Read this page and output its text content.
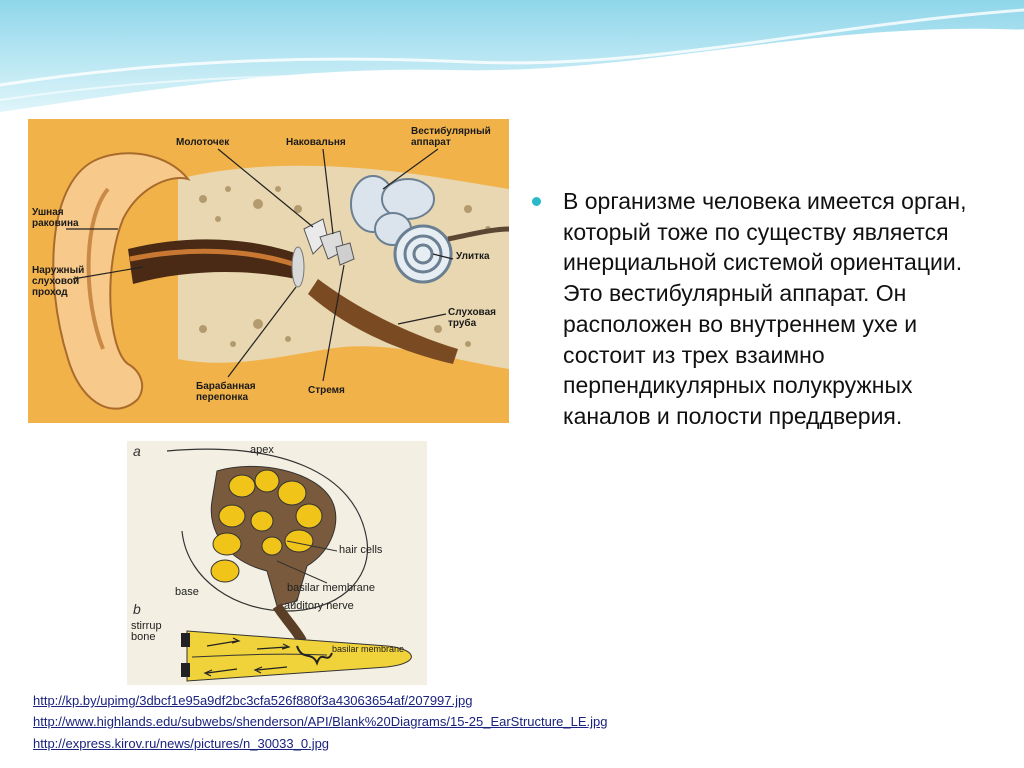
Молоточек	Наковальня
Вестибулярный
аппарат
Ушная
раковина
Наружный
слуховой
проход
Улитка
Слуховая
труба
Барабанная
перепонка
Стремя
a	apex
hair cells
basilar membrane
base
auditory nerve
b
stirrup
bone
basilar membrane

В организме человека имеется орган, который тоже по существу является инерциальной системой ориентации. Это вестибулярный аппарат. Он расположен во внутреннем ухе и состоит из трех взаимно перпендикулярных полукружных каналов и полости преддверия.

http://kp.by/upimg/3dbcf1e95a9df2bc3cfa526f880f3a43063654af/207997.jpg
http://www.highlands.edu/subwebs/shenderson/API/Blank%20Diagrams/15-25_EarStructure_LE.jpg
http://express.kirov.ru/news/pictures/n_30033_0.jpg
